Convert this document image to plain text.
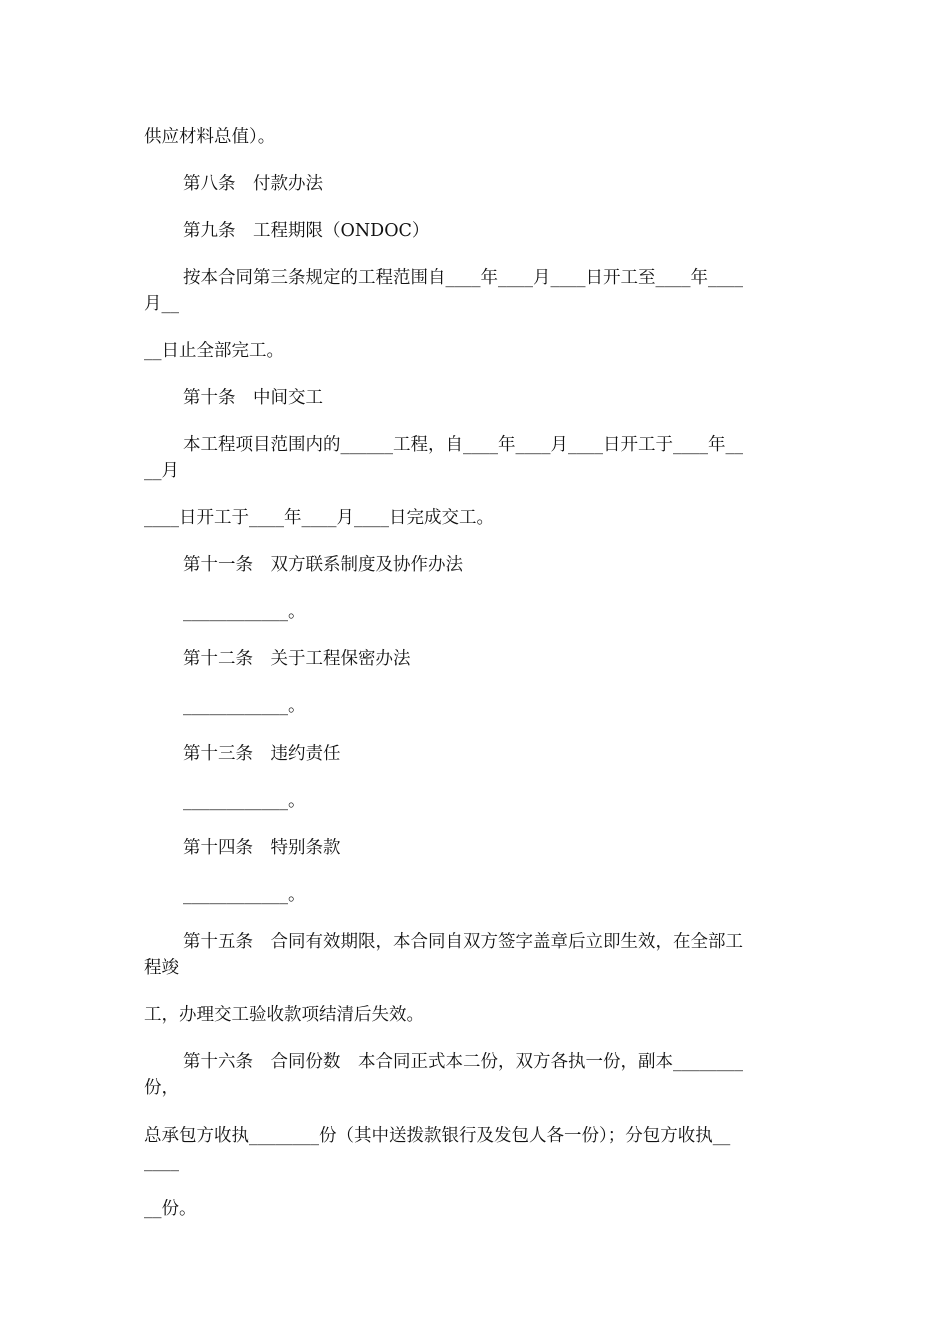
供应材料总值）。
第八条　付款办法
第九条　工程期限（ONDOC）
按本合同第三条规定的工程范围自____年____月____日开工至____年____
月__
__日止全部完工。
第十条　中间交工
本工程项目范围内的______工程，自____年____月____日开工于____年__
__月
____日开工于____年____月____日完成交工。
第十一条　双方联系制度及协作办法
____________。
第十二条　关于工程保密办法
____________。
第十三条　违约责任
____________。
第十四条　特别条款
____________。
第十五条　合同有效期限，本合同自双方签字盖章后立即生效，在全部工
程竣
工，办理交工验收款项结清后失效。
第十六条　合同份数　本合同正式本二份，双方各执一份，副本________
份，
总承包方收执________份（其中送拨款银行及发包人各一份）；分包方收执__
____
__份。
